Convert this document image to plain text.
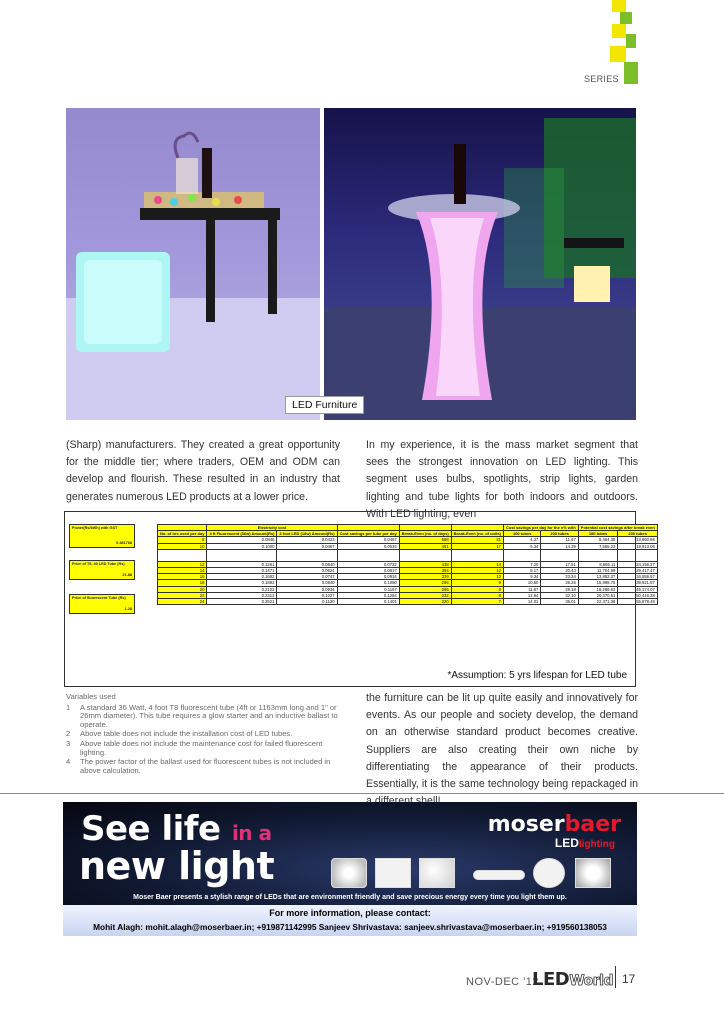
SERIES
LED Furniture

(Sharp) manufacturers. They created a great opportunity for the middle tier; where traders, OEM and ODM can develop and flourish. These resulted in an industry that generates numerous LED products at a lower price.

In my experience, it is the mass market segment that sees the strongest innovation on LED lighting. This segment uses bulbs, spotlights, strip lights, garden lighting and tube lights for both indoors and outdoors. With LED lighting, even

the furniture can be lit up quite easily and innovatively for events. As our people and society develop, the demand on an otherwise standard product becomes creative. Suppliers are also creating their own niche by differentiating the appearance of their products. Essentially, it is the same technology being repackaged in

Power(Rs/kWh) with GST
0.381768
Price of T5, 40 LED Tube (Rs)
21.88
Price of fluorescent Tube (Rs)
1.28
	Electricity cost					Cost savings per day for the x% with		Potential cost savings after break even	
No. of hrs used per day	4 ft Fluorescent (36w) Amount(Rs)	4 foot LED (18w) Amount(Rs)	Cost savings per tube per day	Break-Even (no. of days)	Break-Even (no. of units)	100 tubes	200 tubes	100 tubes	200 tubes
8	0.0846	0.0423	0.0467	588	21	4.37	11.67	5,464.35	13,660.86
10	0.1000	0.0467	0.0534	461	17	5.34	14.39	7,565.23	18,913.06

12	0.1261	0.0540	0.0722	438	14	7.20	17.51	8,666.11	24,156.27
14	0.1471	0.0624	0.0817	384	12	8.17	20.43	11,704.99	29,417.47
16	0.1682	0.0747	0.0934	339	10	9.34	23.34	13,852.37	34,559.67
18	0.1892	0.0840	0.1050	295	9	10.50	26.25	15,998.75	39,921.87
20	0.2102	0.0934	0.1167	265	8	11.67	29.18	18,268.63	45,174.07
22	0.2313	0.1027	0.1284	232	8	12.84	32.10	20,370.51	50,416.28
24	0.2521	0.1120	0.1401	220	7	14.01	35.01	22,371.38	55,878.48
*Assumption: 5 yrs lifespan for LED tube
Variables used
1	A standard 36 Watt, 4 foot T8 fluorescent tube (4ft or 1163mm long and 1" or 26mm diameter). This tube requires a glow starter and an inductive ballast to operate.
2	Above table does not include the installation cost of LED tubes.
3	Above table does not include the maintenance cost for failed fluorescent lighting.
4	The power factor of the ballast used for fluorescent tubes is not included in above calculation.
See life in a
new light
moserbaer
LEDlighting
Moser Baer presents a stylish range of LEDs that are environment friendly and save precious energy every time you light them up.
For more information, please contact:
Mohit Alagh: mohit.alagh@moserbaer.in; +919871142995 Sanjeev Shrivastava: sanjeev.shrivastava@moserbaer.in; +919560138053
NOV-DEC '12
LEDWorld 17
